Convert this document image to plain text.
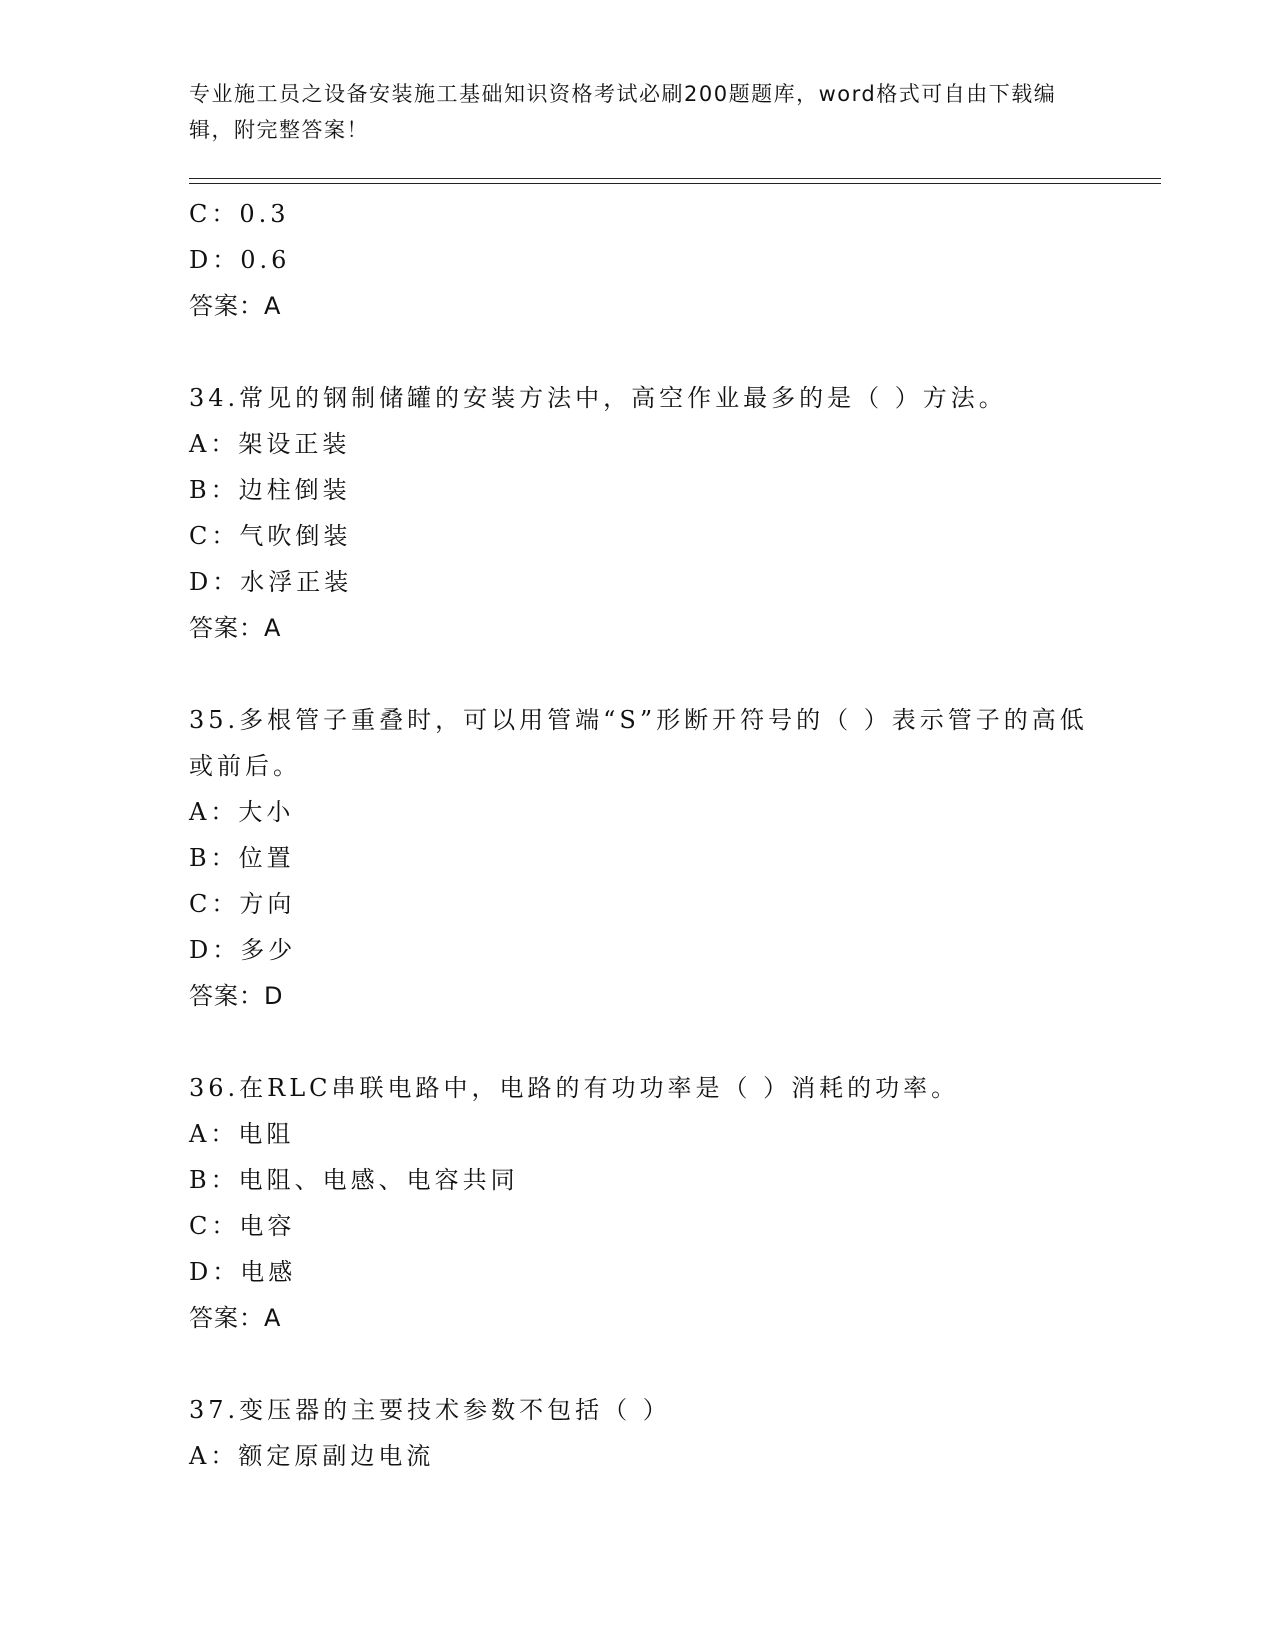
专业施工员之设备安装施工基础知识资格考试必刷200题题库，word格式可自由下载编辑，附完整答案！
C：0.3
D：0.6
答案：A
34.常见的钢制储罐的安装方法中，高空作业最多的是（ ）方法。
A：架设正装
B：边柱倒装
C：气吹倒装
D：水浮正装
答案：A
35.多根管子重叠时，可以用管端“S”形断开符号的（ ）表示管子的高低或前后。
A：大小
B：位置
C：方向
D：多少
答案：D
36.在RLC串联电路中，电路的有功功率是（ ）消耗的功率。
A：电阻
B：电阻、电感、电容共同
C：电容
D：电感
答案：A
37.变压器的主要技术参数不包括（ ）
A：额定原副边电流
